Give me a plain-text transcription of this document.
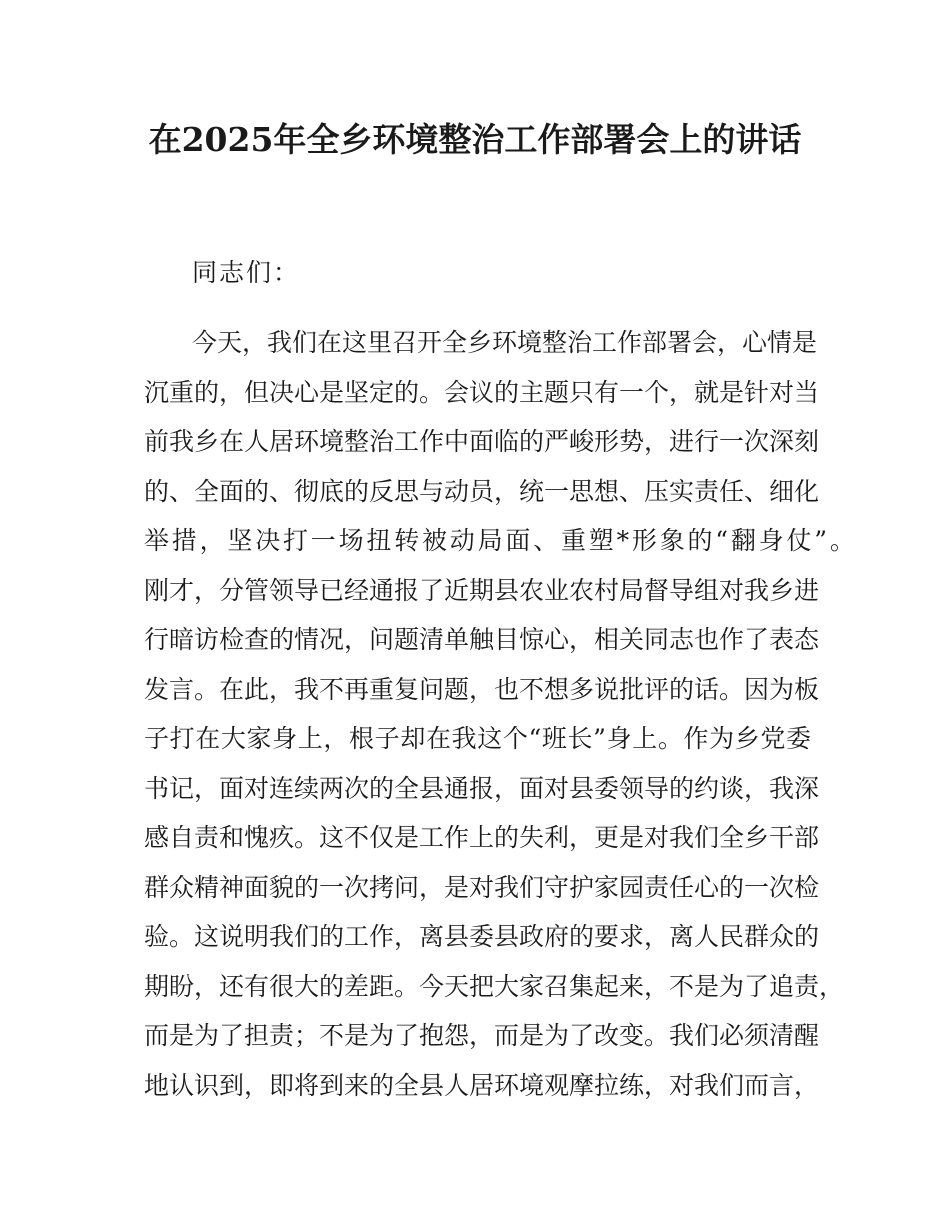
在2025年全乡环境整治工作部署会上的讲话

同志们：

今天，我们在这里召开全乡环境整治工作部署会，心情是
沉重的，但决心是坚定的。会议的主题只有一个，就是针对当
前我乡在人居环境整治工作中面临的严峻形势，进行一次深刻
的、全面的、彻底的反思与动员，统一思想、压实责任、细化
举措，坚决打一场扭转被动局面、重塑*形象的“翻身仗”。
刚才，分管领导已经通报了近期县农业农村局督导组对我乡进
行暗访检查的情况，问题清单触目惊心，相关同志也作了表态
发言。在此，我不再重复问题，也不想多说批评的话。因为板
子打在大家身上，根子却在我这个“班长”身上。作为乡党委
书记，面对连续两次的全县通报，面对县委领导的约谈，我深
感自责和愧疚。这不仅是工作上的失利，更是对我们全乡干部
群众精神面貌的一次拷问，是对我们守护家园责任心的一次检
验。这说明我们的工作，离县委县政府的要求，离人民群众的
期盼，还有很大的差距。今天把大家召集起来，不是为了追责，
而是为了担责；不是为了抱怨，而是为了改变。我们必须清醒
地认识到，即将到来的全县人居环境观摩拉练，对我们而言，
